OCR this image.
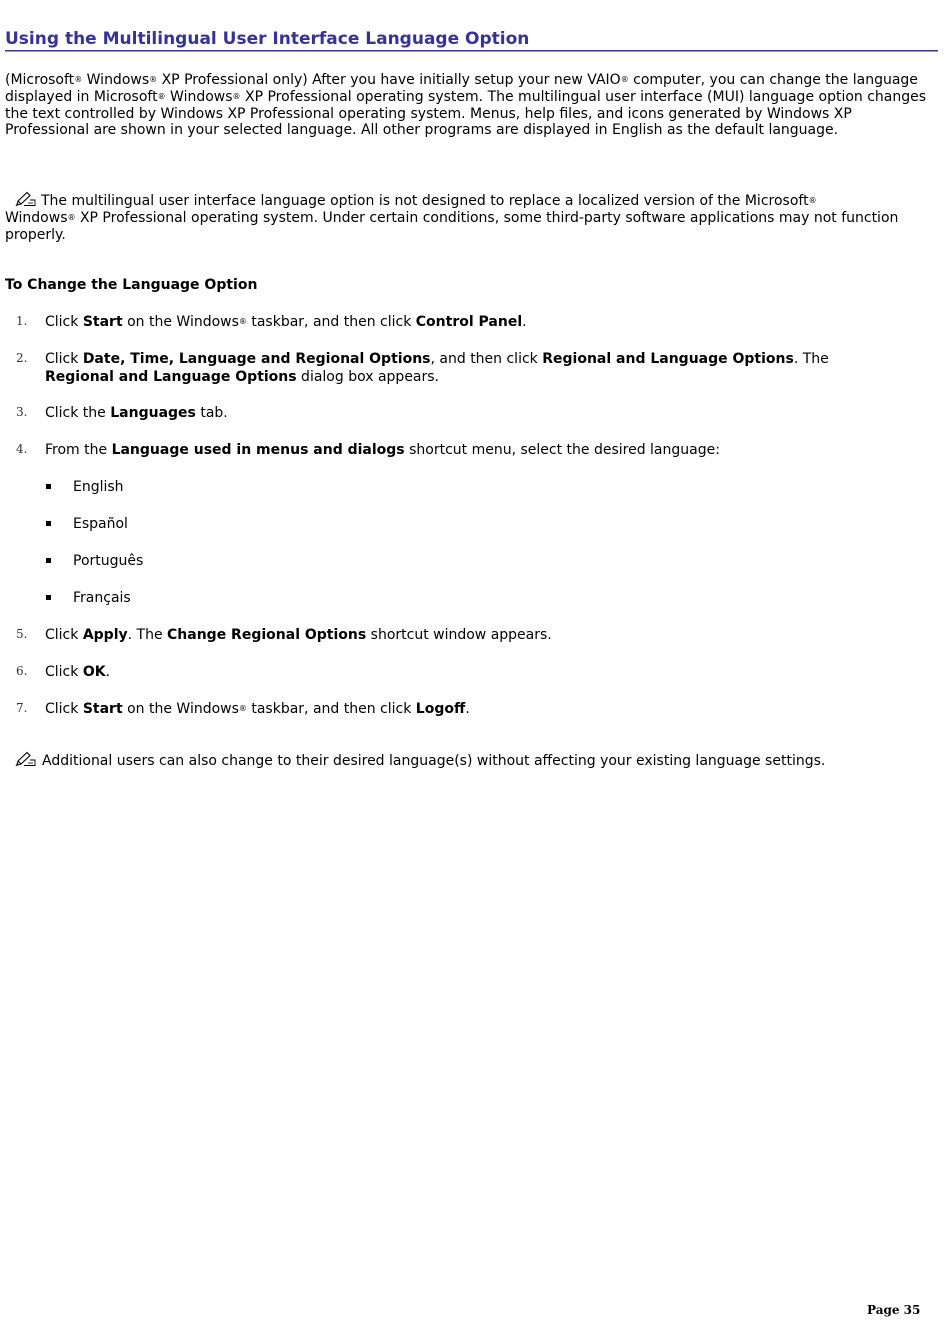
Using the Multilingual User Interface Language Option

(Microsoft® Windows® XP Professional only) After you have initially setup your new VAIO® computer, you can change the language displayed in Microsoft® Windows® XP Professional operating system. The multilingual user interface (MUI) language option changes the text controlled by Windows XP Professional operating system. Menus, help files, and icons generated by Windows XP Professional are shown in your selected language. All other programs are displayed in English as the default language.

The multilingual user interface language option is not designed to replace a localized version of the Microsoft®
Windows® XP Professional operating system. Under certain conditions, some third-party software applications may not function properly.

To Change the Language Option

1. Click Start on the Windows® taskbar, and then click Control Panel.
2. Click Date, Time, Language and Regional Options, and then click Regional and Language Options. The
Regional and Language Options dialog box appears.
3. Click the Languages tab.
4. From the Language used in menus and dialogs shortcut menu, select the desired language:
English
Español
Português
Français
5. Click Apply. The Change Regional Options shortcut window appears.
6. Click OK.
7. Click Start on the Windows® taskbar, and then click Logoff.

Additional users can also change to their desired language(s) without affecting your existing language settings.

Page 35
